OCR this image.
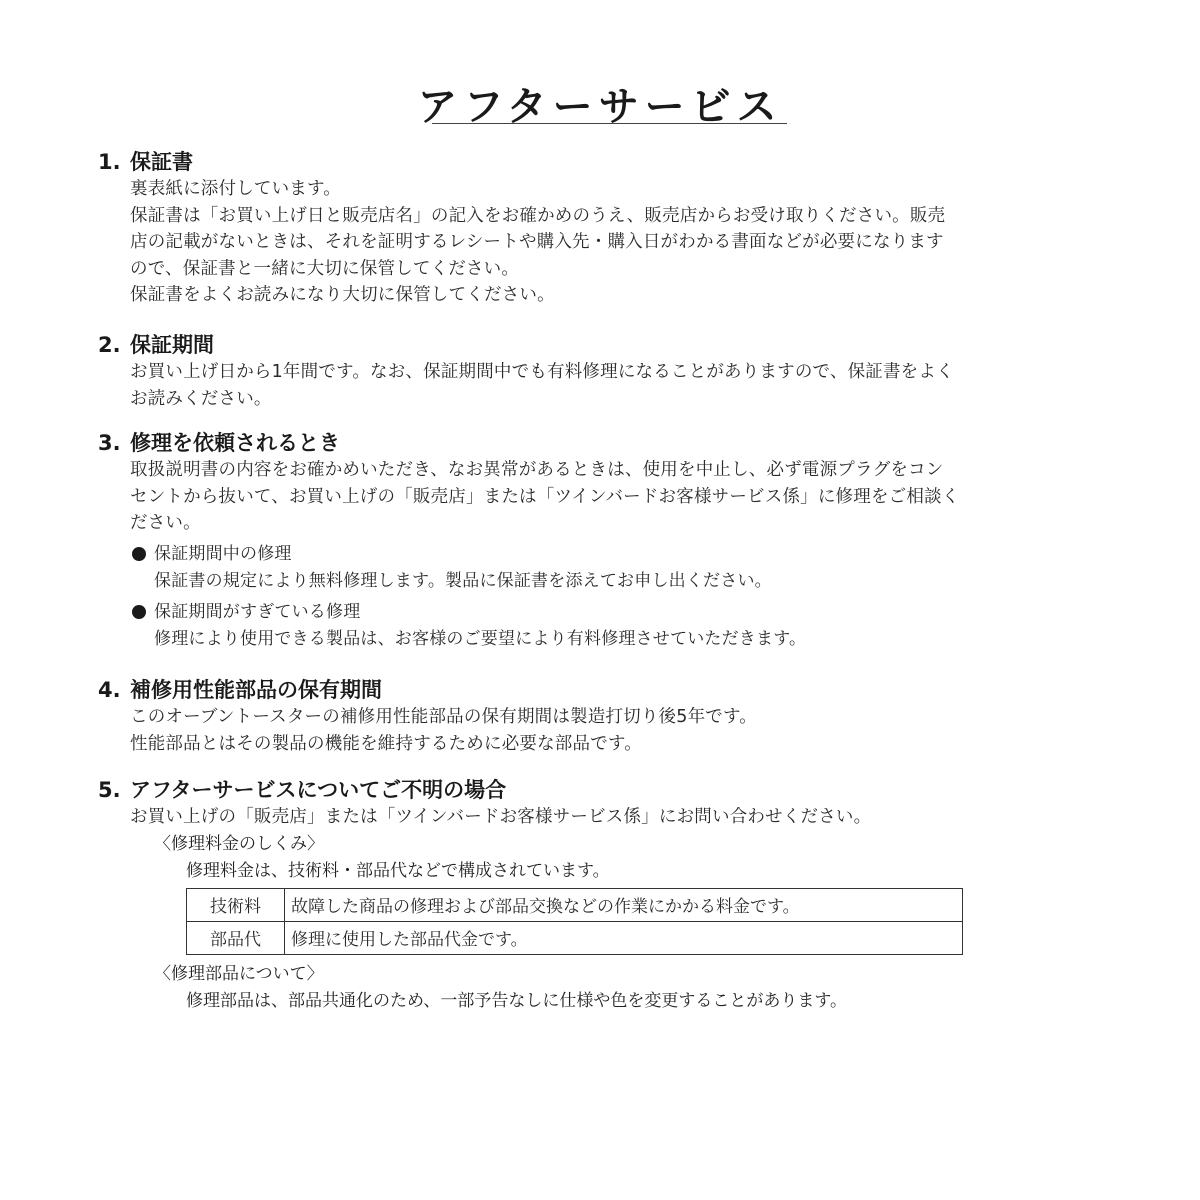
アフターサービス
1. 保証書

裏表紙に添付しています。

保証書は「お買い上げ日と販売店名」の記入をお確かめのうえ、販売店からお受け取りください。販売

店の記載がないときは、それを証明するレシートや購入先・購入日がわかる書面などが必要になります

ので、保証書と一緒に大切に保管してください。

保証書をよくお読みになり大切に保管してください。

2. 保証期間

お買い上げ日から1年間です。なお、保証期間中でも有料修理になることがありますので、保証書をよく

お読みください。

3. 修理を依頼されるとき

取扱説明書の内容をお確かめいただき、なお異常があるときは、使用を中止し、必ず電源プラグをコン

セントから抜いて、お買い上げの「販売店」または「ツインバードお客様サービス係」に修理をご相談く

ださい。

保証期間中の修理
保証書の規定により無料修理します。製品に保証書を添えてお申し出ください。
保証期間がすぎている修理
修理により使用できる製品は、お客様のご要望により有料修理させていただきます。
4. 補修用性能部品の保有期間

このオーブントースターの補修用性能部品の保有期間は製造打切り後5年です。

性能部品とはその製品の機能を維持するために必要な部品です。

5. アフターサービスについてご不明の場合

お買い上げの「販売店」または「ツインバードお客様サービス係」にお問い合わせください。

〈修理料金のしくみ〉
修理料金は、技術料・部品代などで構成されています。
技術料	故障した商品の修理および部品交換などの作業にかかる料金です。
部品代	修理に使用した部品代金です。
〈修理部品について〉
修理部品は、部品共通化のため、一部予告なしに仕様や色を変更することがあります。
